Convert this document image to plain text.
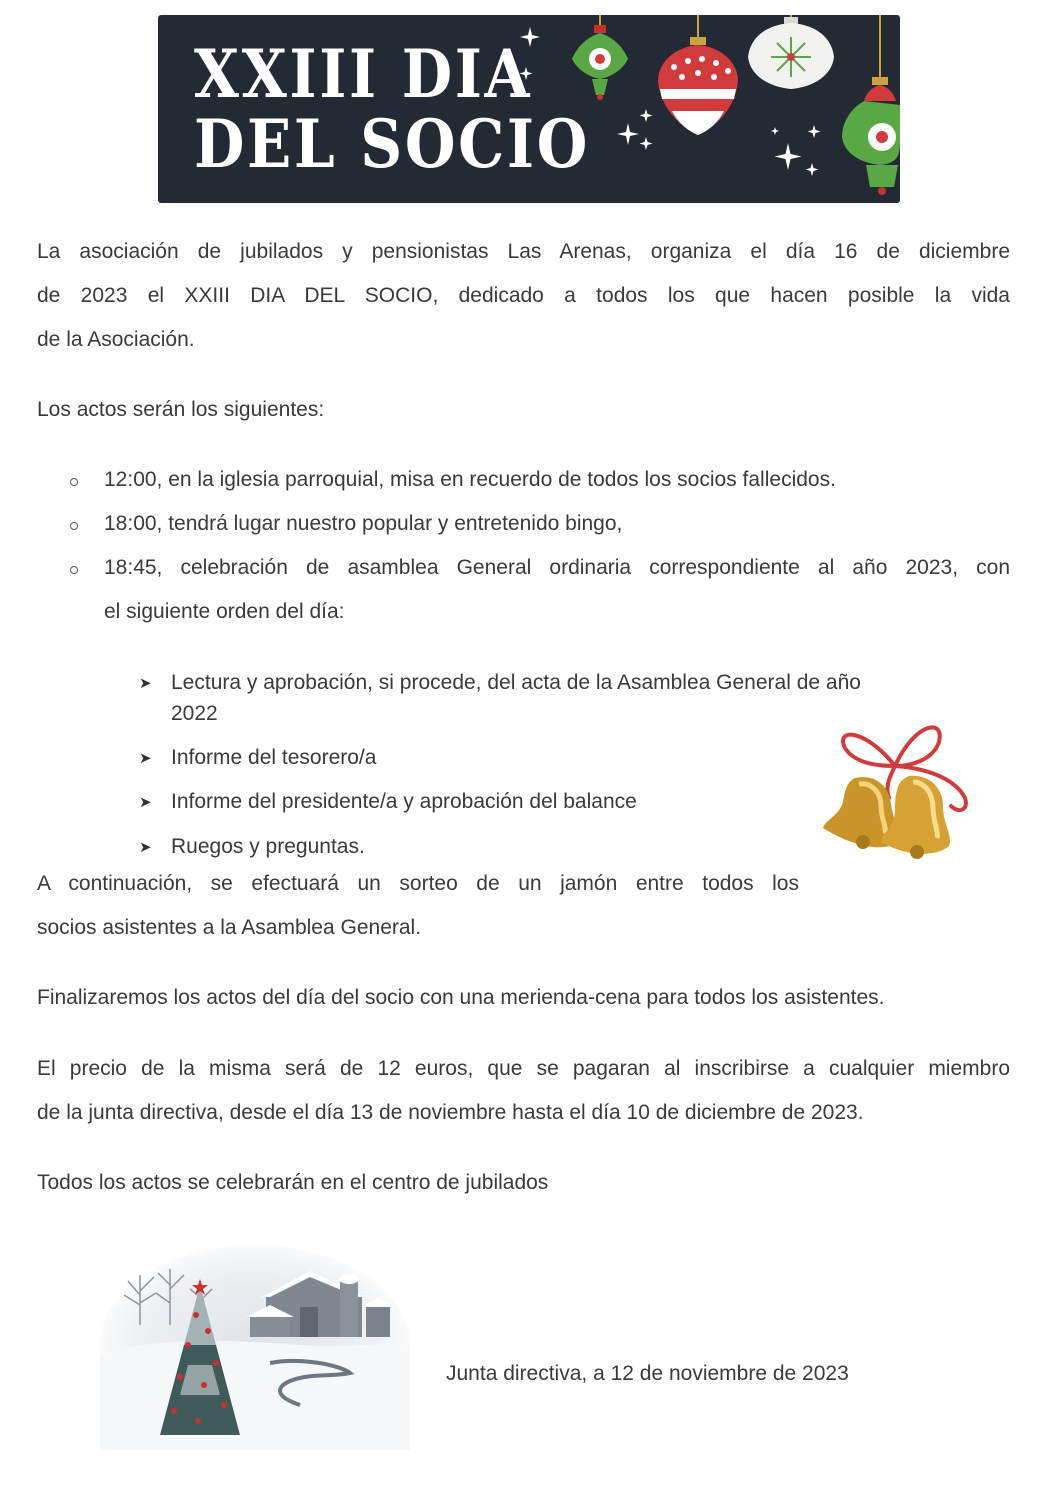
XXIII DIA
DEL SOCIO
La asociación de jubilados y pensionistas Las Arenas, organiza el día 16 de diciembre
de 2023 el XXIII DIA DEL SOCIO, dedicado a todos los que hacen posible la vida
de la Asociación.
Los actos serán los siguientes:
12:00, en la iglesia parroquial, misa en recuerdo de todos los socios fallecidos.
18:00, tendrá lugar nuestro popular y entretenido bingo,
18:45, celebración de asamblea General ordinaria correspondiente al año 2023, con
el siguiente orden del día:
➤ Lectura y aprobación, si procede, del acta de la Asamblea General de año
2022
➤ Informe del tesorero/a
➤ Informe del presidente/a y aprobación del balance
➤ Ruegos y preguntas.
A continuación, se efectuará un sorteo de un jamón entre todos los
socios asistentes a la Asamblea General.
Finalizaremos los actos del día del socio con una merienda-cena para todos los asistentes.
El precio de la misma será de 12 euros, que se pagaran al inscribirse a cualquier miembro
de la junta directiva, desde el día 13 de noviembre hasta el día 10 de diciembre de 2023.
Todos los actos se celebrarán en el centro de jubilados
Junta directiva, a 12 de noviembre de 2023
